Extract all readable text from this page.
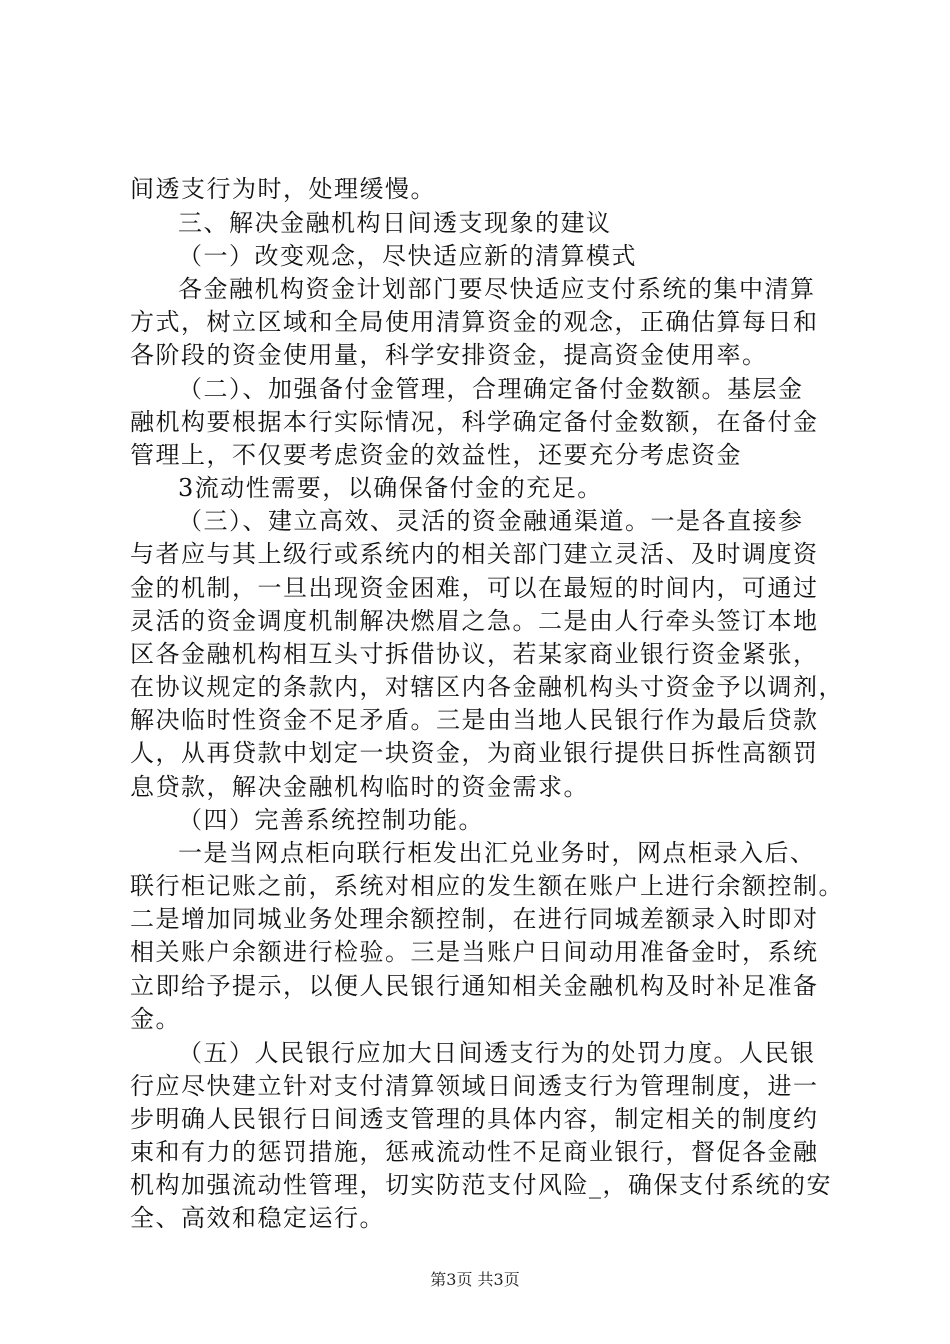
间透支行为时，处理缓慢。
三、解决金融机构日间透支现象的建议
（一）改变观念，尽快适应新的清算模式
各金融机构资金计划部门要尽快适应支付系统的集中清算
方式，树立区域和全局使用清算资金的观念，正确估算每日和
各阶段的资金使用量，科学安排资金，提高资金使用率。
（二）、加强备付金管理，合理确定备付金数额。基层金
融机构要根据本行实际情况，科学确定备付金数额，在备付金
管理上，不仅要考虑资金的效益性，还要充分考虑资金
3流动性需要，以确保备付金的充足。
（三）、建立高效、灵活的资金融通渠道。一是各直接参
与者应与其上级行或系统内的相关部门建立灵活、及时调度资
金的机制，一旦出现资金困难，可以在最短的时间内，可通过
灵活的资金调度机制解决燃眉之急。二是由人行牵头签订本地
区各金融机构相互头寸拆借协议，若某家商业银行资金紧张，
在协议规定的条款内，对辖区内各金融机构头寸资金予以调剂，
解决临时性资金不足矛盾。三是由当地人民银行作为最后贷款
人，从再贷款中划定一块资金，为商业银行提供日拆性高额罚
息贷款，解决金融机构临时的资金需求。
（四）完善系统控制功能。
一是当网点柜向联行柜发出汇兑业务时，网点柜录入后、
联行柜记账之前，系统对相应的发生额在账户上进行余额控制。
二是增加同城业务处理余额控制，在进行同城差额录入时即对
相关账户余额进行检验。三是当账户日间动用准备金时，系统
立即给予提示，以便人民银行通知相关金融机构及时补足准备
金。
（五）人民银行应加大日间透支行为的处罚力度。人民银
行应尽快建立针对支付清算领域日间透支行为管理制度，进一
步明确人民银行日间透支管理的具体内容，制定相关的制度约
束和有力的惩罚措施，惩戒流动性不足商业银行，督促各金融
机构加强流动性管理，切实防范支付风险_，确保支付系统的安
全、高效和稳定运行。
第3页 共3页
